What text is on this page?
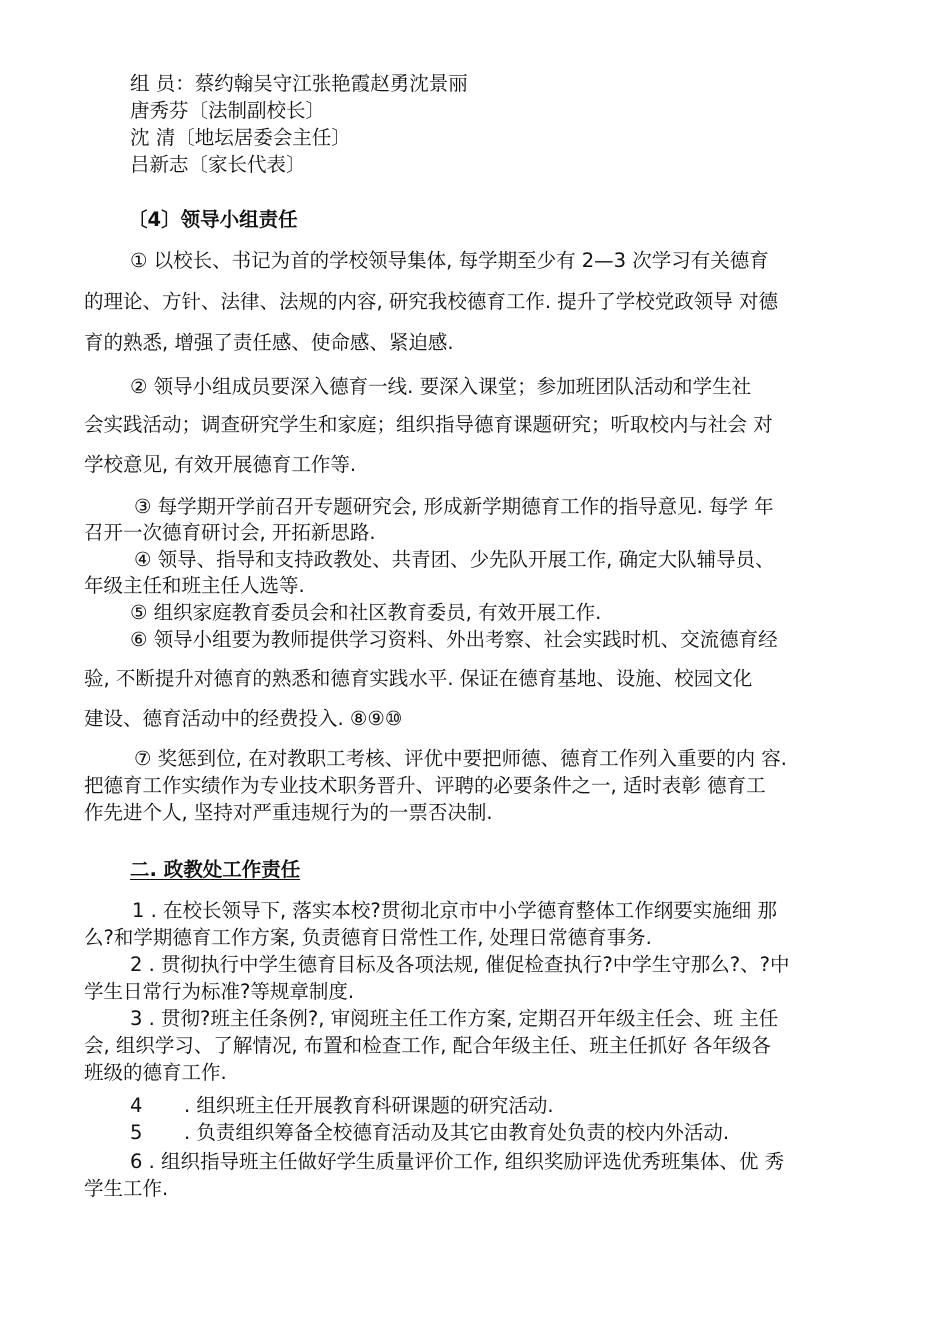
组 员：蔡约翰吴守江张艳霞赵勇沈景丽
唐秀芬〔法制副校长〕
沈 清〔地坛居委会主任〕
吕新志〔家长代表〕
〔4〕领导小组责任
① 以校长、书记为首的学校领导集体, 每学期至少有 2—3 次学习有关德育
的理论、方针、法律、法规的内容, 研究我校德育工作. 提升了学校党政领导 对德
育的熟悉, 增强了责任感、使命感、紧迫感.
② 领导小组成员要深入德育一线. 要深入课堂；参加班团队活动和学生社
会实践活动；调查研究学生和家庭；组织指导德育课题研究；听取校内与社会 对
学校意见, 有效开展德育工作等.
③ 每学期开学前召开专题研究会, 形成新学期德育工作的指导意见. 每学 年
召开一次德育研讨会, 开拓新思路.
④ 领导、指导和支持政教处、共青团、少先队开展工作, 确定大队辅导员、
年级主任和班主任人选等.
⑤ 组织家庭教育委员会和社区教育委员, 有效开展工作.
⑥ 领导小组要为教师提供学习资料、外出考察、社会实践时机、交流德育经
验, 不断提升对德育的熟悉和德育实践水平. 保证在德育基地、设施、校园文化
建设、德育活动中的经费投入. ⑧⑨⑩
⑦ 奖惩到位, 在对教职工考核、评优中要把师德、德育工作列入重要的内 容.
把德育工作实绩作为专业技术职务晋升、评聘的必要条件之一, 适时表彰 德育工
作先进个人, 坚持对严重违规行为的一票否决制.
二. 政教处工作责任
1 . 在校长领导下, 落实本校?贯彻北京市中小学德育整体工作纲要实施细 那
么?和学期德育工作方案, 负责德育日常性工作, 处理日常德育事务.
2 . 贯彻执行中学生德育目标及各项法规, 催促检查执行?中学生守那么?、?中
学生日常行为标准?等规章制度.
3 . 贯彻?班主任条例?, 审阅班主任工作方案, 定期召开年级主任会、班 主任
会, 组织学习、了解情况, 布置和检查工作, 配合年级主任、班主任抓好 各年级各
班级的德育工作.
4 . 组织班主任开展教育科研课题的研究活动.
5 . 负责组织筹备全校德育活动及其它由教育处负责的校内外活动.
6 . 组织指导班主任做好学生质量评价工作, 组织奖励评选优秀班集体、优 秀
学生工作.
